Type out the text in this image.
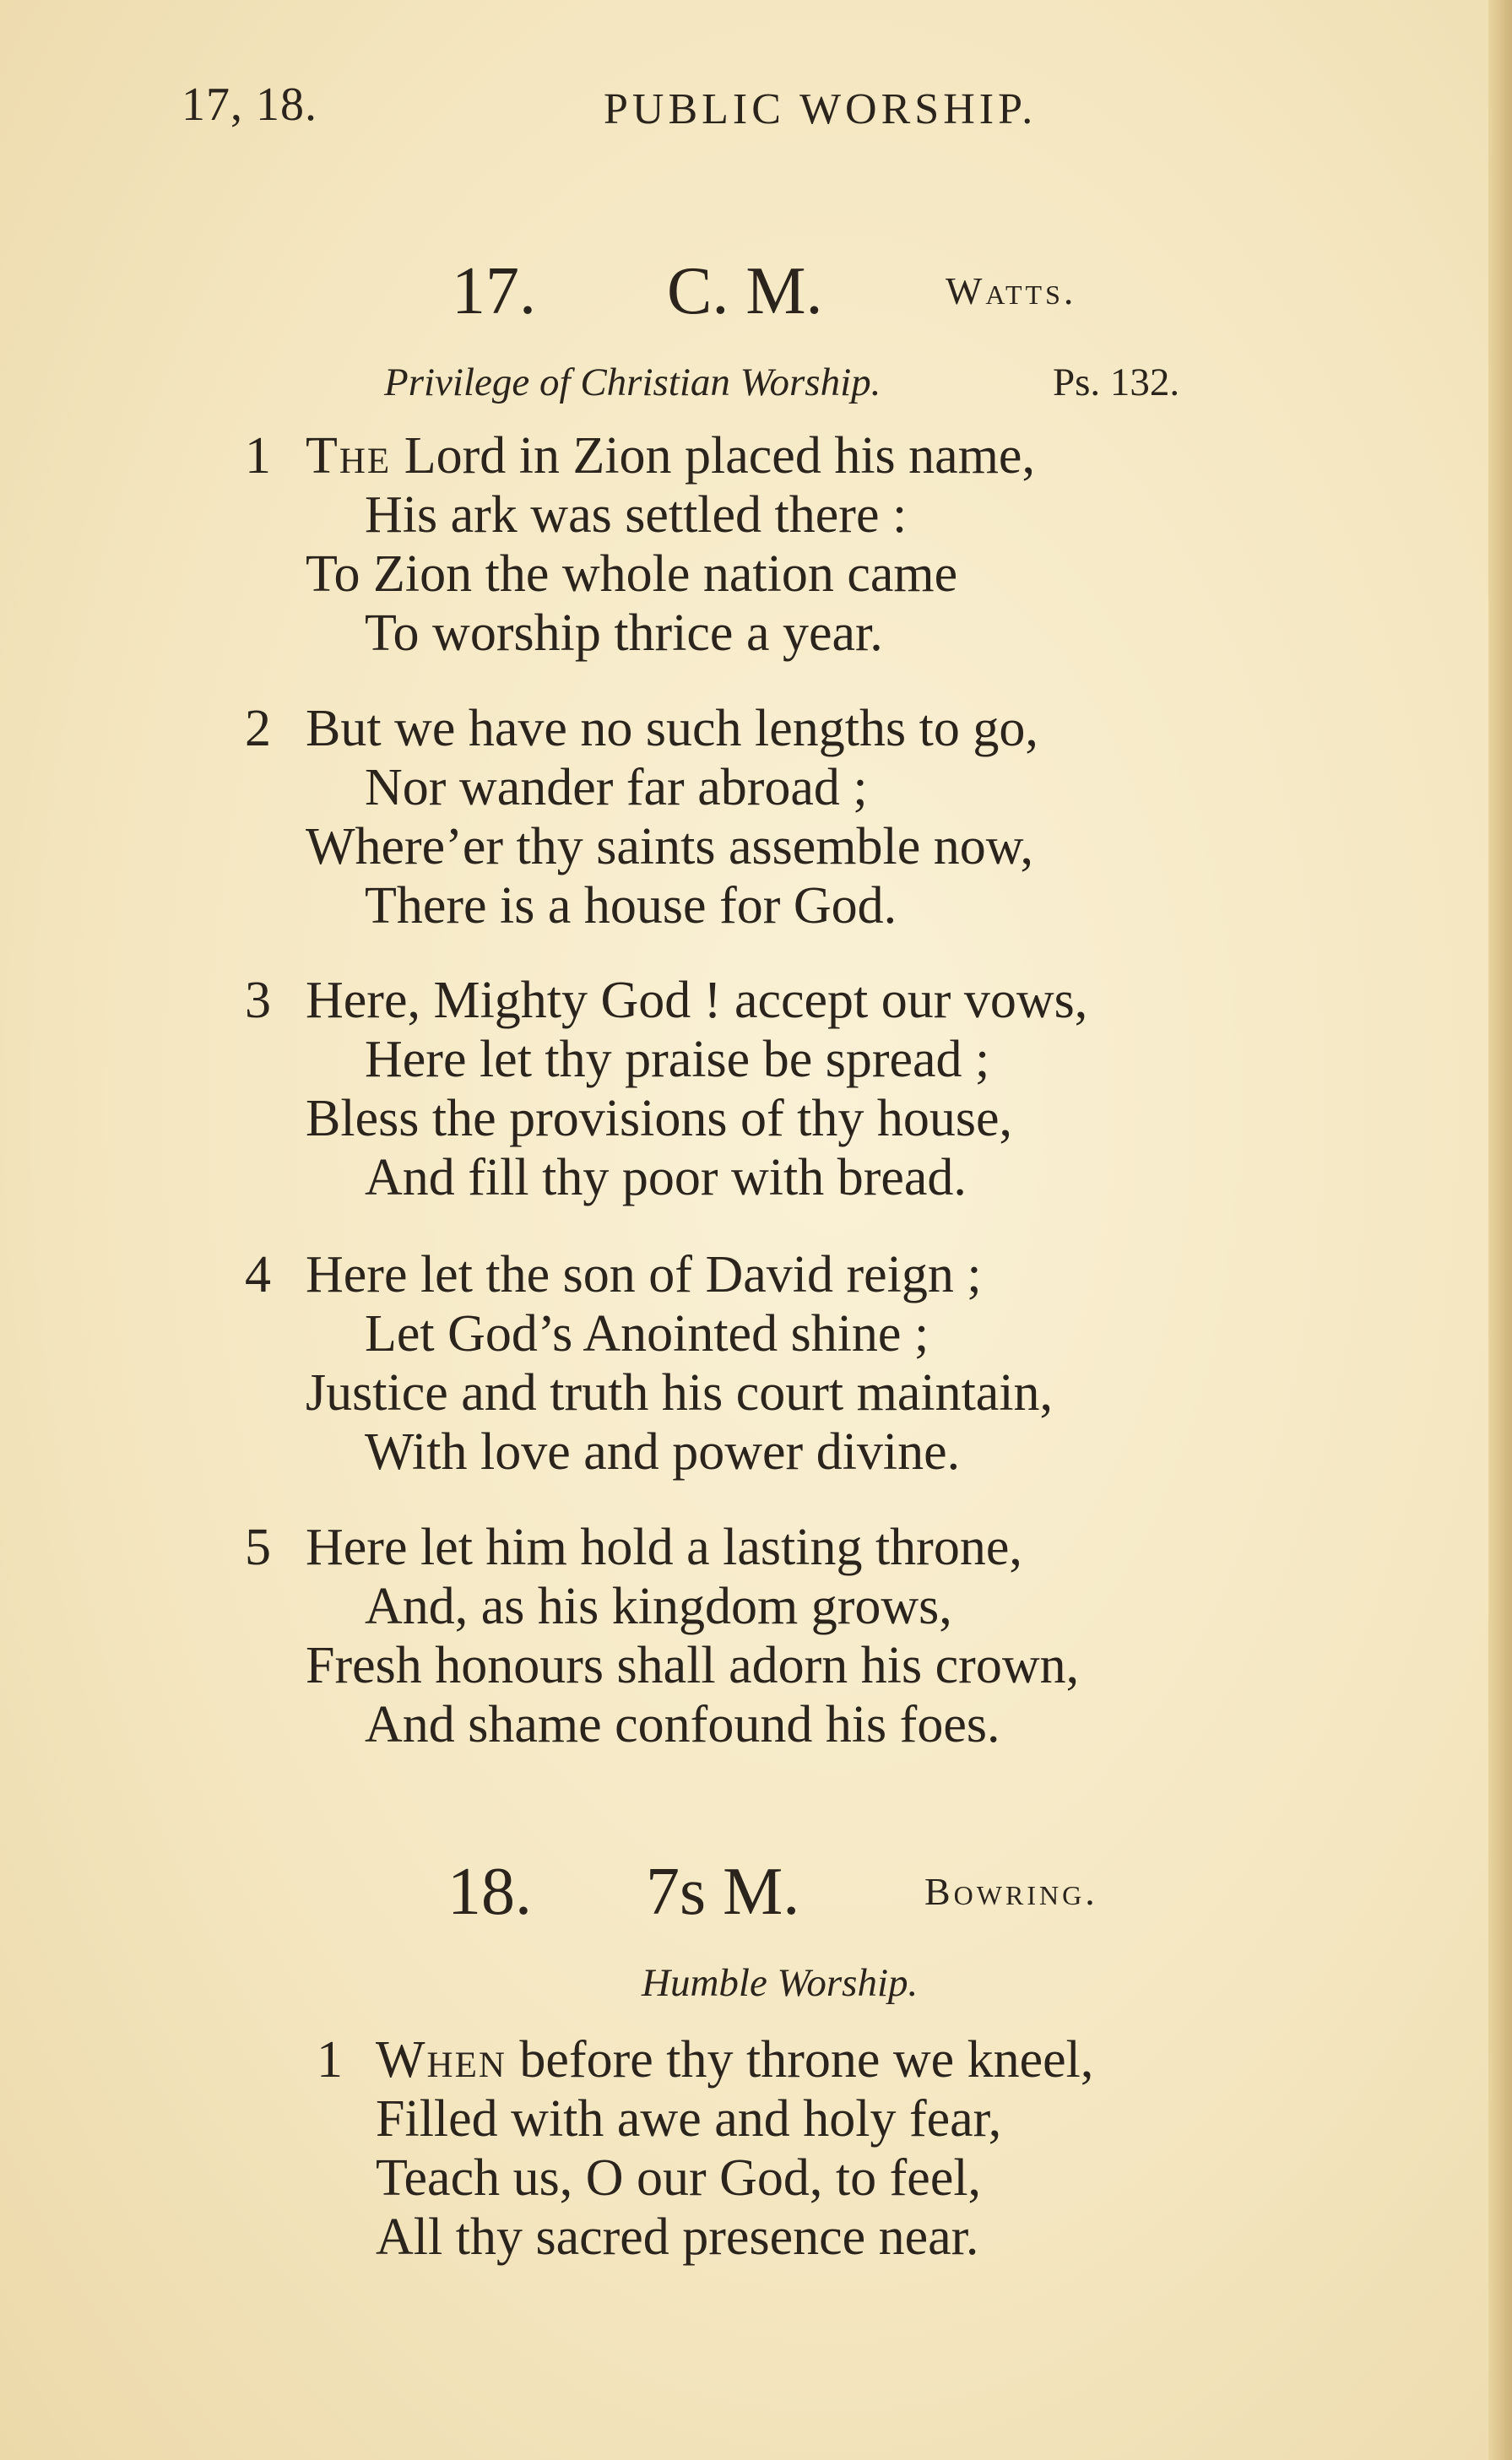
17, 18.	PUBLIC WORSHIP.
17. C. M.	Watts.
Privilege of Christian Worship.	Ps. 132.
1 The Lord in Zion placed his name,
His ark was settled there :
To Zion the whole nation came
To worship thrice a year.
2 But we have no such lengths to go,
Nor wander far abroad ;
Where’er thy saints assemble now,
There is a house for God.
3 Here, Mighty God ! accept our vows,
Here let thy praise be spread ;
Bless the provisions of thy house,
And fill thy poor with bread.
4 Here let the son of David reign ;
Let God’s Anointed shine ;
Justice and truth his court maintain,
With love and power divine.
5 Here let him hold a lasting throne,
And, as his kingdom grows,
Fresh honours shall adorn his crown,
And shame confound his foes.
18. 7s M.	Bowring.
Humble Worship.
1 When before thy throne we kneel,
Filled with awe and holy fear,
Teach us, O our God, to feel,
All thy sacred presence near.
